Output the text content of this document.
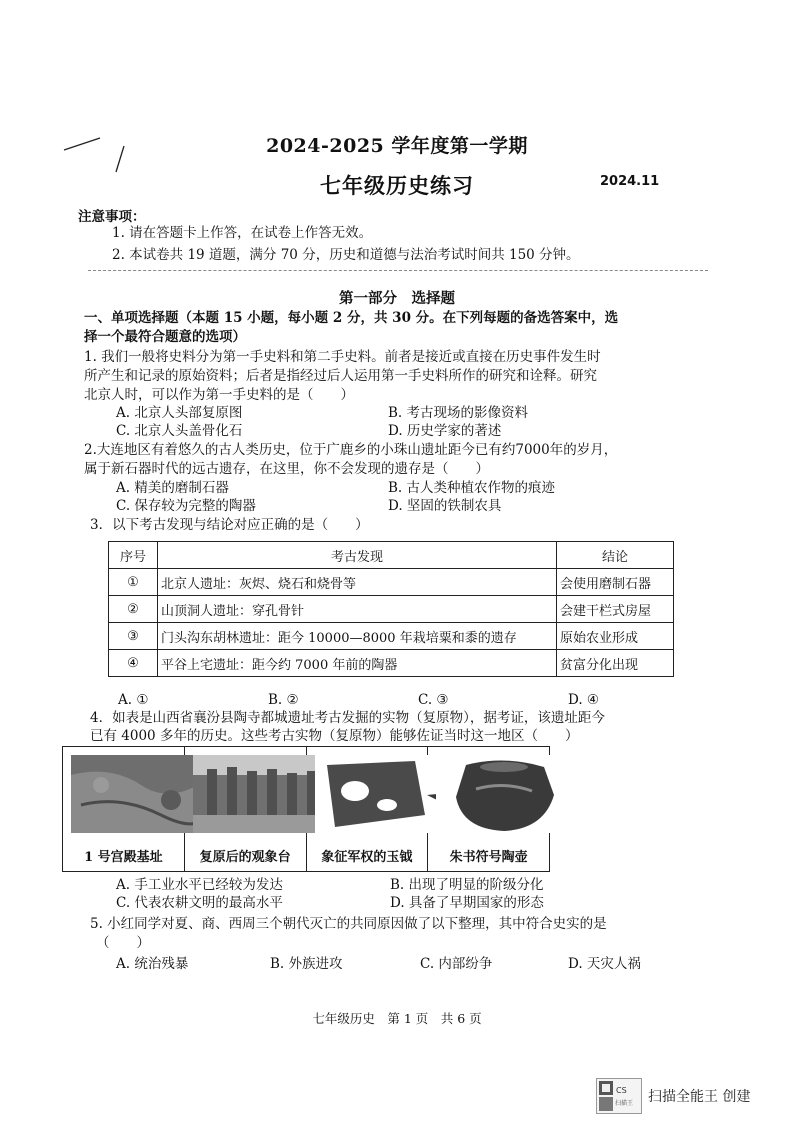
2024-2025 学年度第一学期
七年级历史练习	2024.11
注意事项：
1. 请在答题卡上作答，在试卷上作答无效。
2. 本试卷共 19 道题，满分 70 分，历史和道德与法治考试时间共 150 分钟。
第一部分　选择题
一、单项选择题（本题 15 小题，每小题 2 分，共 30 分。在下列每题的备选答案中，选
择一个最符合题意的选项）
1. 我们一般将史料分为第一手史料和第二手史料。前者是接近或直接在历史事件发生时
所产生和记录的原始资料；后者是指经过后人运用第一手史料所作的研究和诠释。研究
北京人时，可以作为第一手史料的是（　　）
A. 北京人头部复原图	B. 考古现场的影像资料
C. 北京人头盖骨化石	D. 历史学家的著述
2.大连地区有着悠久的古人类历史，位于广鹿乡的小珠山遗址距今已有约7000年的岁月，
属于新石器时代的远古遗存，在这里，你不会发现的遗存是（　　）
A. 精美的磨制石器	B. 古人类种植农作物的痕迹
C. 保存较为完整的陶器	D. 坚固的铁制农具
3．以下考古发现与结论对应正确的是（　　）
序号	考古发现	结论
①	北京人遗址：灰烬、烧石和烧骨等	会使用磨制石器
②	山顶洞人遗址：穿孔骨针	会建干栏式房屋
③	门头沟东胡林遗址：距今 10000—8000 年栽培粟和黍的遗存	原始农业形成
④	平谷上宅遗址：距今约 7000 年前的陶器	贫富分化出现
A. ①	B. ②	C. ③	D. ④
4．如表是山西省襄汾县陶寺都城遗址考古发掘的实物（复原物），据考证，该遗址距今
已有 4000 多年的历史。这些考古实物（复原物）能够佐证当时这一地区（　　）
1 号宫殿基址	复原后的观象台	象征军权的玉钺	朱书符号陶壶
A. 手工业水平已经较为发达	B. 出现了明显的阶级分化
C. 代表农耕文明的最高水平	D. 具备了早期国家的形态
5. 小红同学对夏、商、西周三个朝代灭亡的共同原因做了以下整理，其中符合史实的是
（　　）
A. 统治残暴	B. 外族进攻	C. 内部纷争	D. 天灾人祸
七年级历史　第 1 页　共 6 页
CS
扫描王 扫描全能王 创建
